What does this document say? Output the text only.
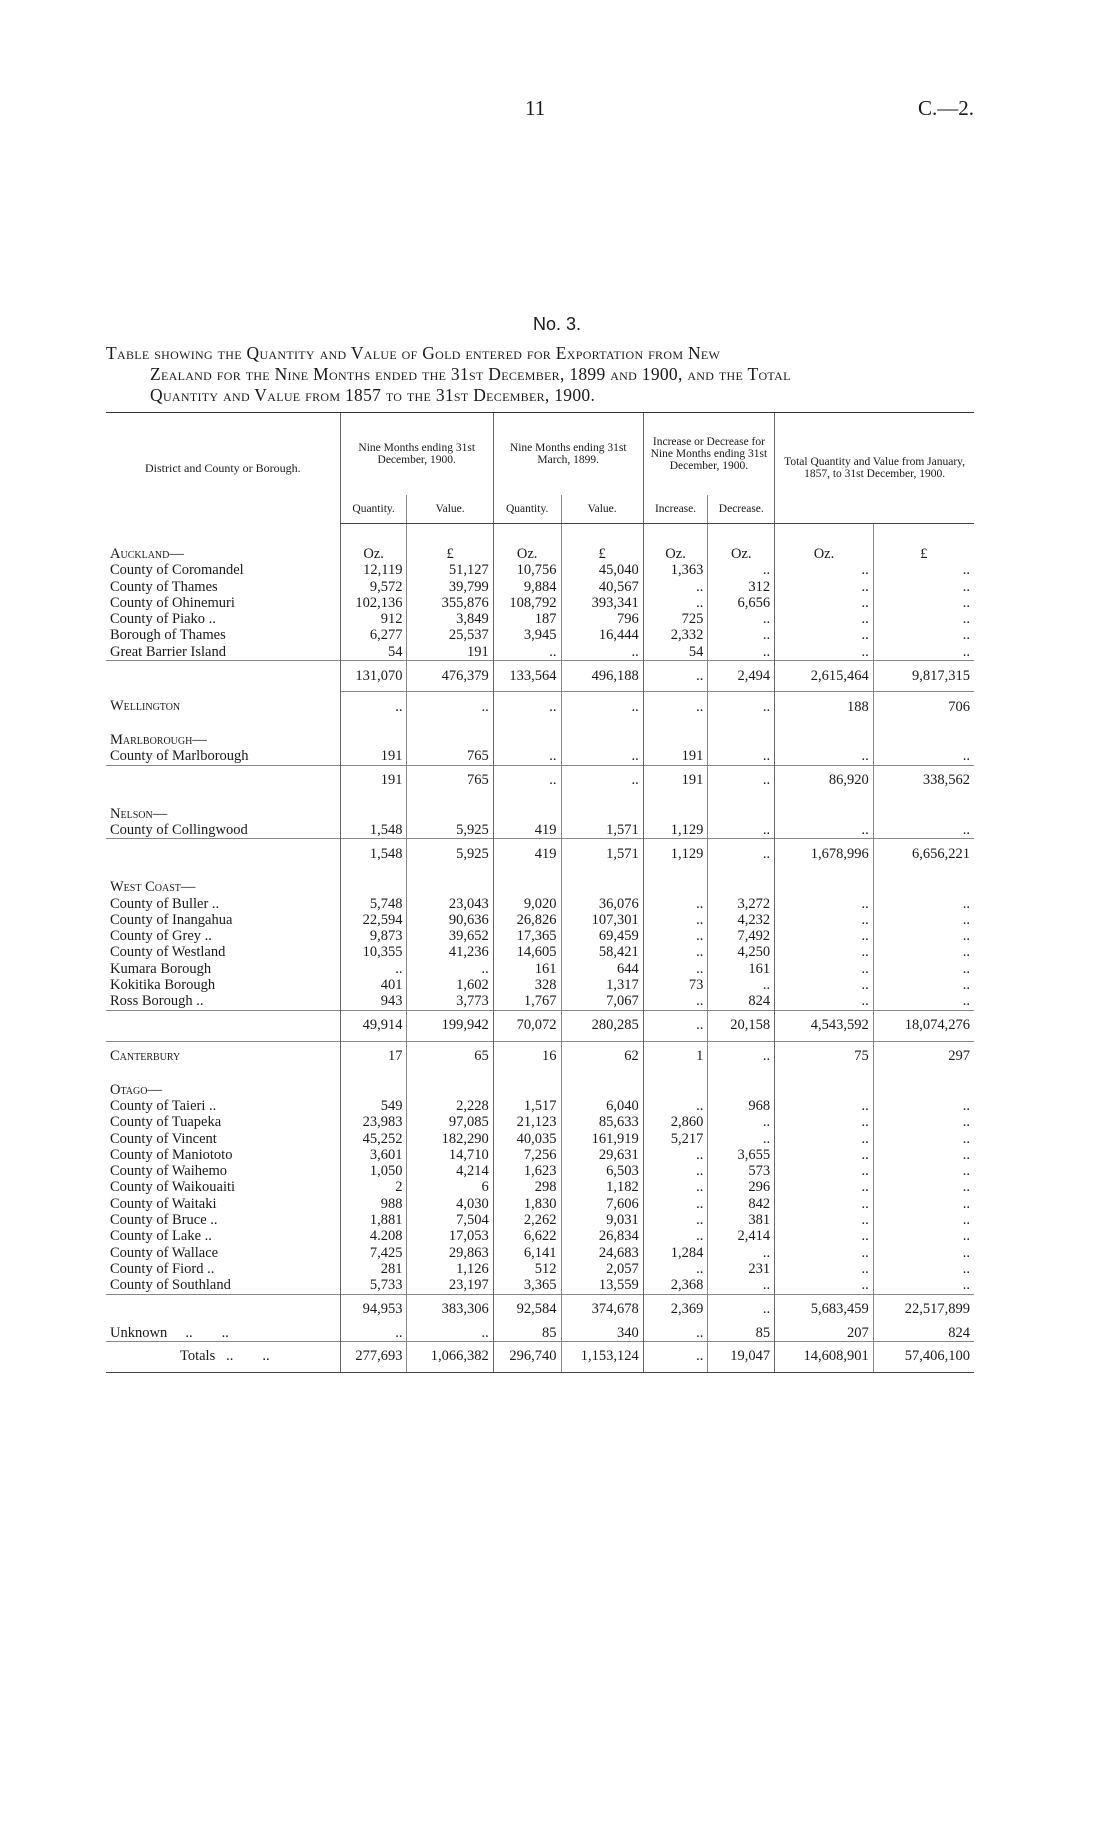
11	C.—2.
No. 3.
Table showing the Quantity and Value of Gold entered for Exportation from New
Zealand for the Nine Months ended the 31st December, 1899 and 1900, and the Total
Quantity and Value from 1857 to the 31st December, 1900.
District and County or Borough.	Nine Months ending 31st December, 1900.		Nine Months ending 31st March, 1899.		Increase or Decrease for Nine Months ending 31st December, 1900.		Total Quantity and Value from January, 1857, to 31st December, 1900.	
	Quantity.	Value.	Quantity.	Value.	Increase.	Decrease.		

Auckland—	Oz.	£	Oz.	£	Oz.	Oz.	Oz.	£
County of Coromandel	12,119	51,127	10,756	45,040	1,363	..	..	..
County of Thames	9,572	39,799	9,884	40,567	..	312	..	..
County of Ohinemuri	102,136	355,876	108,792	393,341	..	6,656	..	..
County of Piako ..	912	3,849	187	796	725	..	..	..
Borough of Thames	6,277	25,537	3,945	16,444	2,332	..	..	..
Great Barrier Island	54	191	..	..	54	..	..	..
	131,070	476,379	133,564	496,188	..	2,494	2,615,464	9,817,315
Wellington	..	..	..	..	..	..	188	706

Marlborough—								
County of Marlborough	191	765	..	..	191	..	..	..
	191	765	..	..	191	..	86,920	338,562

Nelson—								
County of Collingwood	1,548	5,925	419	1,571	1,129	..	..	..
	1,548	5,925	419	1,571	1,129	..	1,678,996	6,656,221

West Coast—								
County of Buller ..	5,748	23,043	9,020	36,076	..	3,272	..	..
County of Inangahua	22,594	90,636	26,826	107,301	..	4,232	..	..
County of Grey ..	9,873	39,652	17,365	69,459	..	7,492	..	..
County of Westland	10,355	41,236	14,605	58,421	..	4,250	..	..
Kumara Borough	..	..	161	644	..	161	..	..
Kokitika Borough	401	1,602	328	1,317	73	..	..	..
Ross Borough ..	943	3,773	1,767	7,067	..	824	..	..
	49,914	199,942	70,072	280,285	..	20,158	4,543,592	18,074,276
Canterbury	17	65	16	62	1	..	75	297

Otago—								
County of Taieri ..	549	2,228	1,517	6,040	..	968	..	..
County of Tuapeka	23,983	97,085	21,123	85,633	2,860	..	..	..
County of Vincent	45,252	182,290	40,035	161,919	5,217	..	..	..
County of Maniototo	3,601	14,710	7,256	29,631	..	3,655	..	..
County of Waihemo	1,050	4,214	1,623	6,503	..	573	..	..
County of Waikouaiti	2	6	298	1,182	..	296	..	..
County of Waitaki	988	4,030	1,830	7,606	..	842	..	..
County of Bruce ..	1,881	7,504	2,262	9,031	..	381	..	..
County of Lake ..	4.208	17,053	6,622	26,834	..	2,414	..	..
County of Wallace	7,425	29,863	6,141	24,683	1,284	..	..	..
County of Fiord ..	281	1,126	512	2,057	..	231	..	..
County of Southland	5,733	23,197	3,365	13,559	2,368	..	..	..
	94,953	383,306	92,584	374,678	2,369	..	5,683,459	22,517,899
Unknown .. ..	..	..	85	340	..	85	207	824
Totals .. ..	277,693	1,066,382	296,740	1,153,124	..	19,047	14,608,901	57,406,100
